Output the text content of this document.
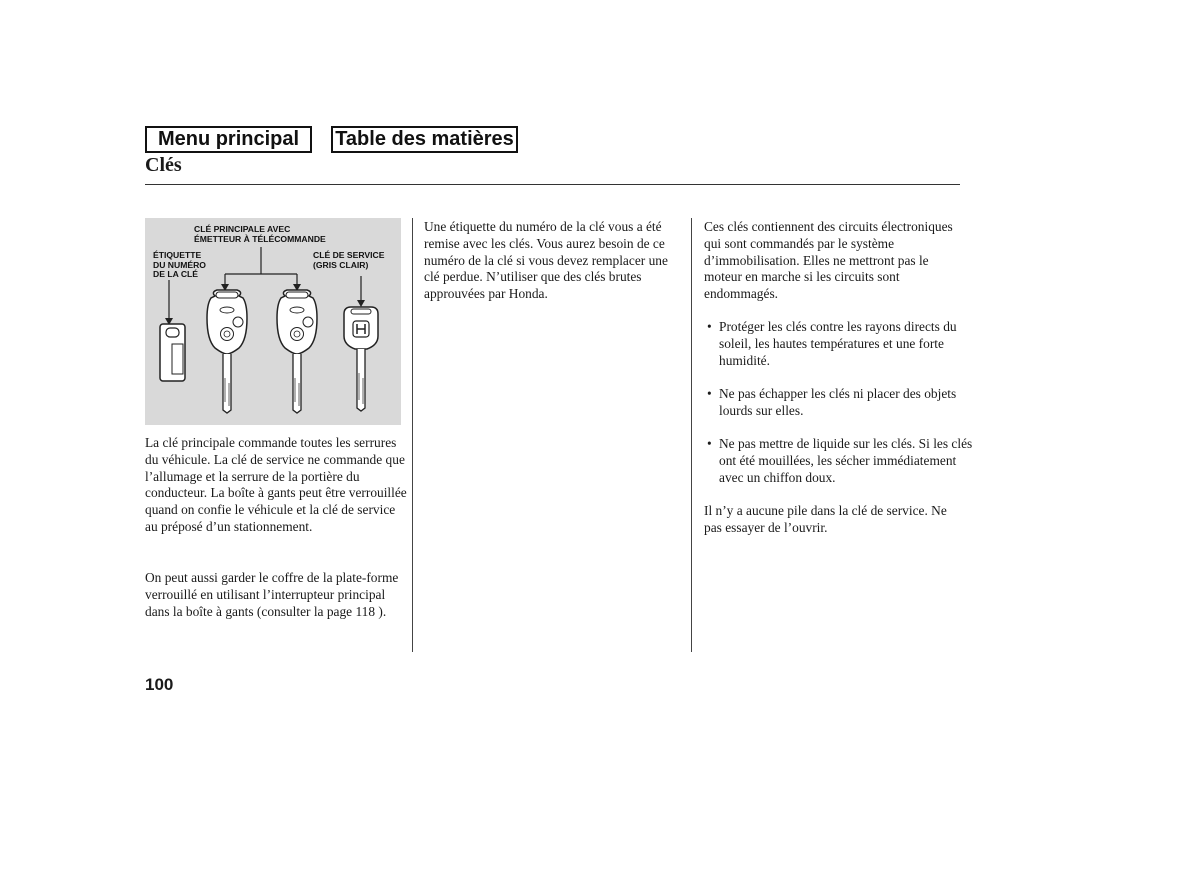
Menu principal	Table des matières
Clés
CLÉ PRINCIPALE AVEC
ÉMETTEUR À TÉLÉCOMMANDE
ÉTIQUETTE
DU NUMÉRO
DE LA CLÉ
CLÉ DE SERVICE
(GRIS CLAIR)

La clé principale commande toutes les serrures du véhicule. La clé de service ne commande que l’allumage et la serrure de la portière du conducteur. La boîte à gants peut être verrouillée quand on confie le véhicule et la clé de service au préposé d’un stationnement.

On peut aussi garder le coffre de la plate-forme verrouillé en utilisant l’interrupteur principal dans la boîte à gants (consulter la page 118 ).

Une étiquette du numéro de la clé vous a été remise avec les clés. Vous aurez besoin de ce numéro de la clé si vous devez remplacer une clé perdue. N’utiliser que des clés brutes approuvées par Honda.

Ces clés contiennent des circuits électroniques qui sont commandés par le système d’immobilisation. Elles ne mettront pas le moteur en marche si les circuits sont endommagés.

• Protéger les clés contre les rayons directs du soleil, les hautes températures et une forte humidité.
• Ne pas échapper les clés ni placer des objets lourds sur elles.
• Ne pas mettre de liquide sur les clés. Si les clés ont été mouillées, les sécher immédiatement avec un chiffon doux.

Il n’y a aucune pile dans la clé de service. Ne pas essayer de l’ouvrir.

100
